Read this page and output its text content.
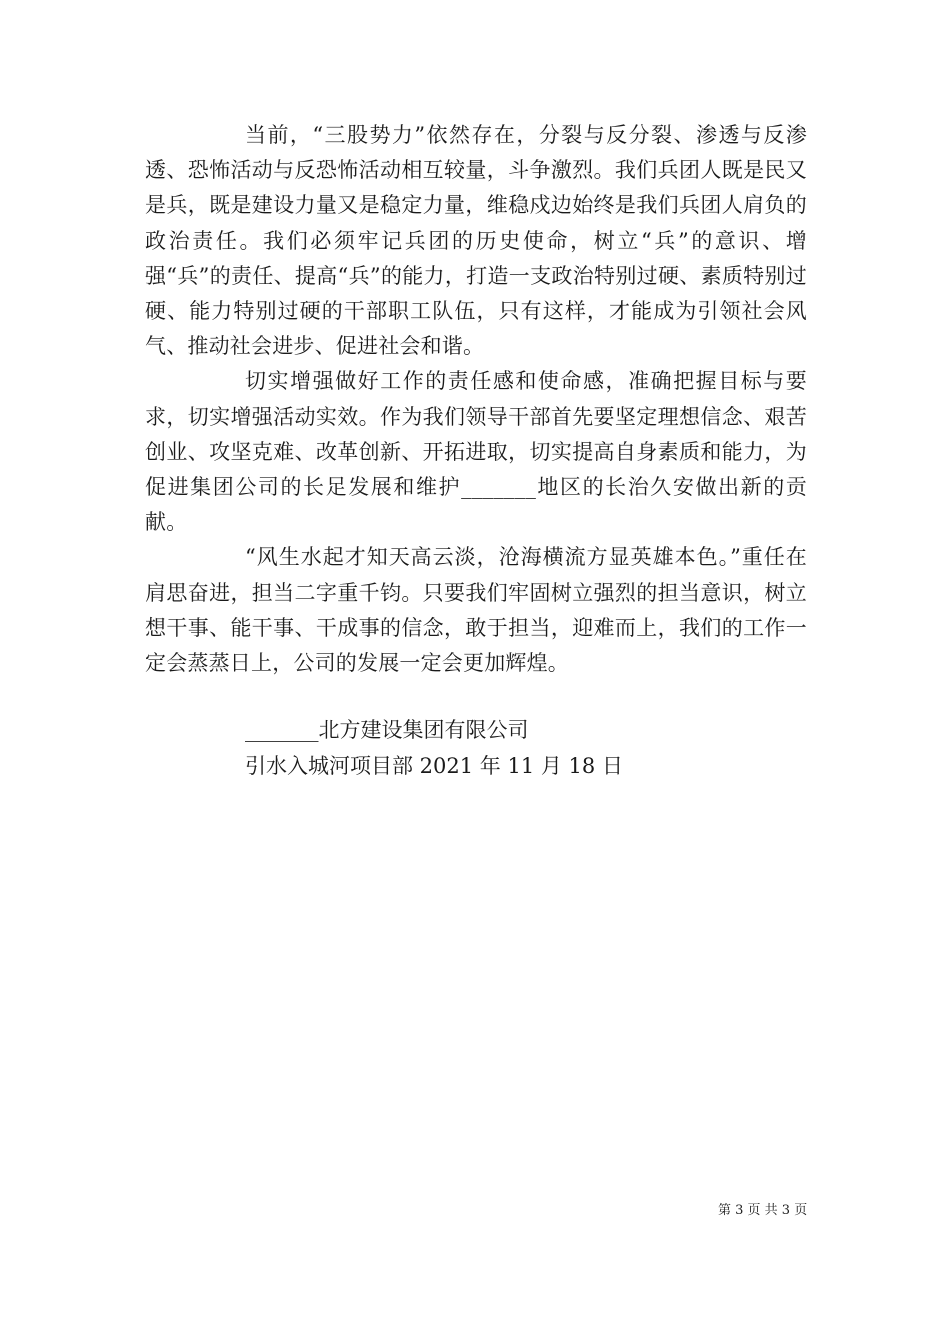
当前，“三股势力”依然存在，分裂与反分裂、渗透与反渗透、恐怖活动与反恐怖活动相互较量，斗争激烈。我们兵团人既是民又是兵，既是建设力量又是稳定力量，维稳戍边始终是我们兵团人肩负的政治责任。我们必须牢记兵团的历史使命，树立“兵”的意识、增强“兵”的责任、提高“兵”的能力，打造一支政治特别过硬、素质特别过硬、能力特别过硬的干部职工队伍，只有这样，才能成为引领社会风气、推动社会进步、促进社会和谐。

切实增强做好工作的责任感和使命感，准确把握目标与要求，切实增强活动实效。作为我们领导干部首先要坚定理想信念、艰苦创业、攻坚克难、改革创新、开拓进取，切实提高自身素质和能力，为促进集团公司的长足发展和维护_______地区的长治久安做出新的贡献。

“风生水起才知天高云淡，沧海横流方显英雄本色。”重任在肩思奋进，担当二字重千钧。只要我们牢固树立强烈的担当意识，树立想干事、能干事、干成事的信念，敢于担当，迎难而上，我们的工作一定会蒸蒸日上，公司的发展一定会更加辉煌。

_______北方建设集团有限公司
引水入城河项目部 2021 年 11 月 18 日
第 3 页 共 3 页
